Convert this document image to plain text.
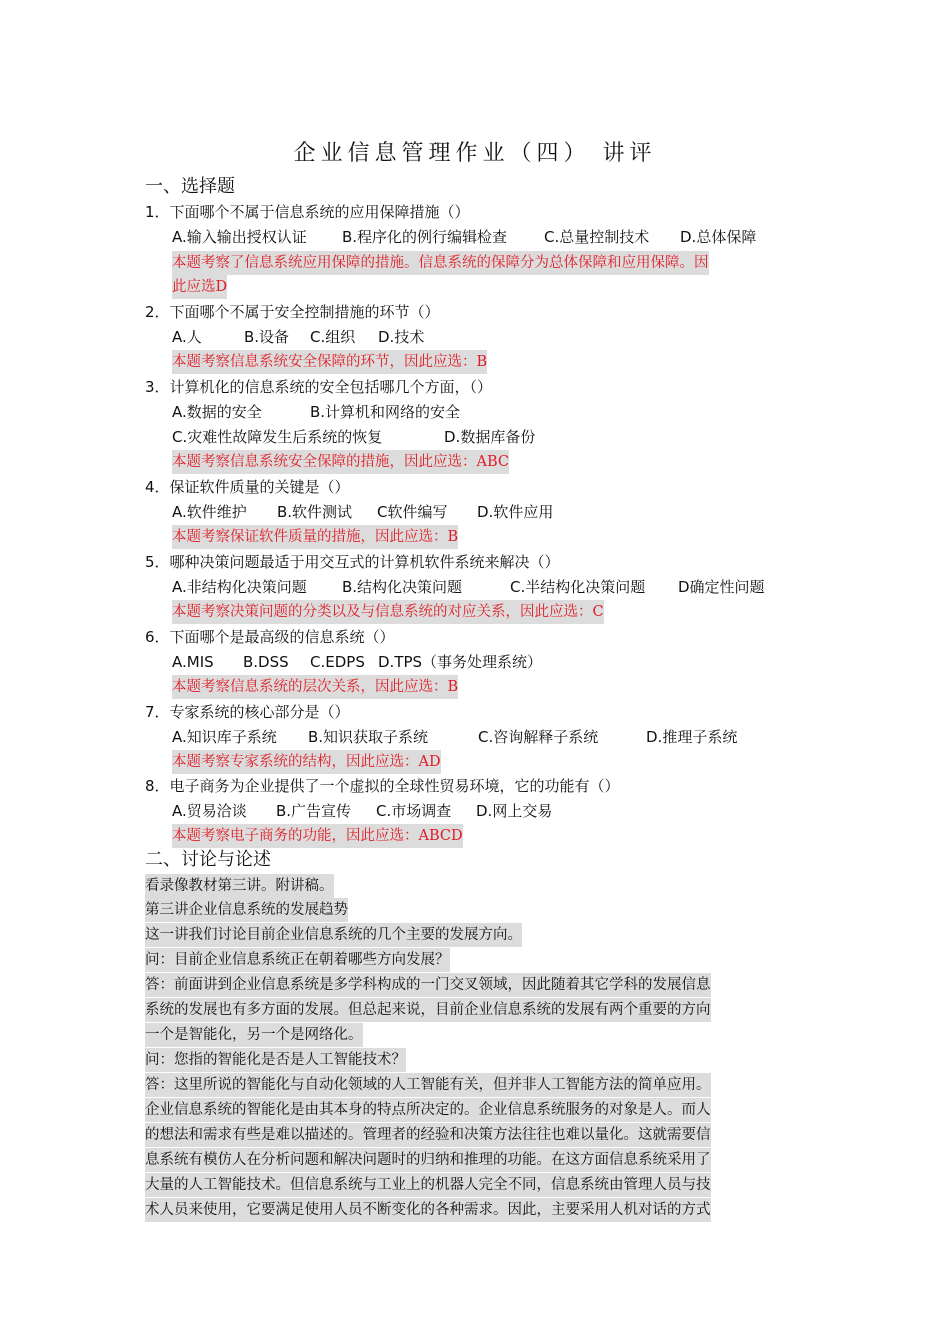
企业信息管理作业（四） 讲评
一、选择题
1．下面哪个不属于信息系统的应用保障措施（）
A.输入输出授权认证 B.程序化的例行编辑检查 C.总量控制技术 D.总体保障
本题考察了信息系统应用保障的措施。信息系统的保障分为总体保障和应用保障。因
此应选D
2．下面哪个不属于安全控制措施的环节（）
A.人	B.设备 C.组织 D.技术
本题考察信息系统安全保障的环节，因此应选：B
3．计算机化的信息系统的安全包括哪几个方面，（）
A.数据的安全	B.计算机和网络的安全
C.灾难性故障发生后系统的恢复	D.数据库备份
本题考察信息系统安全保障的措施，因此应选：ABC
4．保证软件质量的关键是（）
A.软件维护 B.软件测试 C软件编写 D.软件应用
本题考察保证软件质量的措施，因此应选：B
5．哪种决策问题最适于用交互式的计算机软件系统来解决（）
A.非结构化决策问题 B.结构化决策问题	C.半结构化决策问题 D确定性问题
本题考察决策问题的分类以及与信息系统的对应关系，因此应选：C
6．下面哪个是最高级的信息系统（）
A.MIS B.DSS C.EDPS D.TPS（事务处理系统）
本题考察信息系统的层次关系，因此应选：B
7．专家系统的核心部分是（）
A.知识库子系统 B.知识获取子系统	C.咨询解释子系统	D.推理子系统
本题考察专家系统的结构，因此应选：AD
8．电子商务为企业提供了一个虚拟的全球性贸易环境，它的功能有（）
A.贸易洽谈 B.广告宣传 C.市场调查 D.网上交易
本题考察电子商务的功能，因此应选：ABCD
二、讨论与论述
看录像教材第三讲。附讲稿。
第三讲企业信息系统的发展趋势
这一讲我们讨论目前企业信息系统的几个主要的发展方向。
问：目前企业信息系统正在朝着哪些方向发展？
答：前面讲到企业信息系统是多学科构成的一门交叉领域，因此随着其它学科的发展信息
系统的发展也有多方面的发展。但总起来说，目前企业信息系统的发展有两个重要的方向
一个是智能化，另一个是网络化。
问：您指的智能化是否是人工智能技术？
答：这里所说的智能化与自动化领域的人工智能有关，但并非人工智能方法的简单应用。
企业信息系统的智能化是由其本身的特点所决定的。企业信息系统服务的对象是人。而人
的想法和需求有些是难以描述的。管理者的经验和决策方法往往也难以量化。这就需要信
息系统有模仿人在分析问题和解决问题时的归纳和推理的功能。在这方面信息系统采用了
大量的人工智能技术。但信息系统与工业上的机器人完全不同，信息系统由管理人员与技
术人员来使用，它要满足使用人员不断变化的各种需求。因此，主要采用人机对话的方式
